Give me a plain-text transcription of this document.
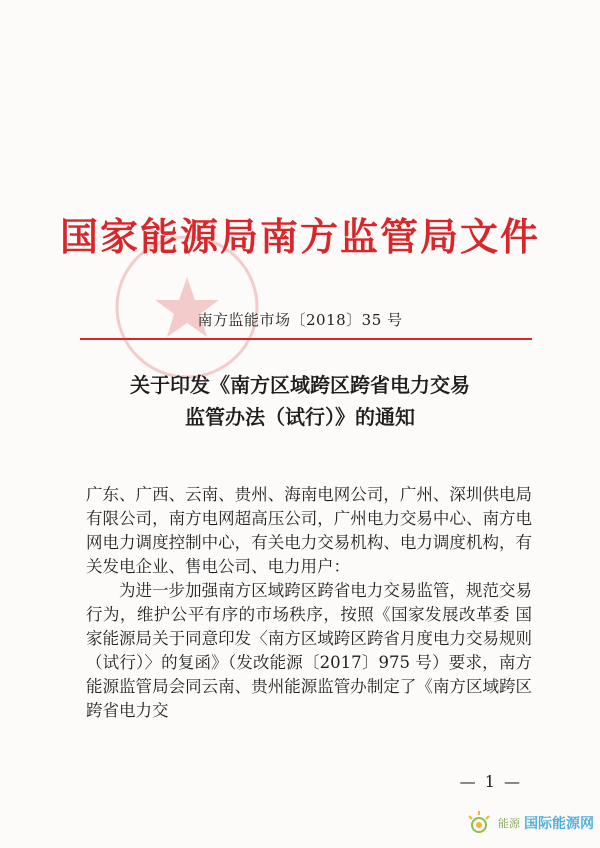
国家能源局南方监管局文件
南方监能市场〔2018〕35 号
关于印发《南方区域跨区跨省电力交易
监管办法（试行）》的通知

广东、广西、云南、贵州、海南电网公司，广州、深圳供电局有限公司，南方电网超高压公司，广州电力交易中心、南方电网电力调度控制中心，有关电力交易机构、电力调度机构，有关发电企业、售电公司、电力用户：

为进一步加强南方区域跨区跨省电力交易监管，规范交易行为，维护公平有序的市场秩序，按照《国家发展改革委 国家能源局关于同意印发〈南方区域跨区跨省月度电力交易规则（试行）〉的复函》（发改能源〔2017〕975 号）要求，南方能源监管局会同云南、贵州能源监管办制定了《南方区域跨区跨省电力交

— 1 —
能源 国际能源网
